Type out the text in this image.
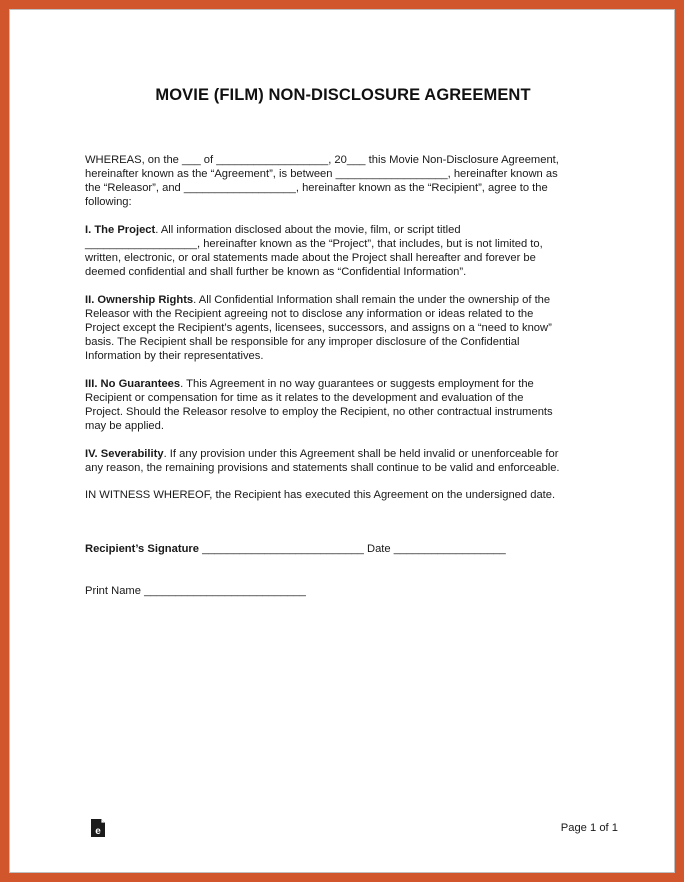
MOVIE (FILM) NON-DISCLOSURE AGREEMENT
WHEREAS, on the ___ of __________________, 20___ this Movie Non-Disclosure Agreement,
hereinafter known as the “Agreement”, is between __________________, hereinafter known as
the “Releasor”, and __________________, hereinafter known as the “Recipient”, agree to the
following:
I. The Project. All information disclosed about the movie, film, or script titled
__________________, hereinafter known as the “Project”, that includes, but is not limited to,
written, electronic, or oral statements made about the Project shall hereafter and forever be
deemed confidential and shall further be known as “Confidential Information”.
II. Ownership Rights. All Confidential Information shall remain the under the ownership of the
Releasor with the Recipient agreeing not to disclose any information or ideas related to the
Project except the Recipient’s agents, licensees, successors, and assigns on a “need to know”
basis. The Recipient shall be responsible for any improper disclosure of the Confidential
Information by their representatives.
III. No Guarantees. This Agreement in no way guarantees or suggests employment for the
Recipient or compensation for time as it relates to the development and evaluation of the
Project. Should the Releasor resolve to employ the Recipient, no other contractual instruments
may be applied.
IV. Severability. If any provision under this Agreement shall be held invalid or unenforceable for
any reason, the remaining provisions and statements shall continue to be valid and enforceable.
IN WITNESS WHEREOF, the Recipient has executed this Agreement on the undersigned date.
Recipient’s Signature __________________________ Date __________________
Print Name __________________________
e	Page 1 of 1
